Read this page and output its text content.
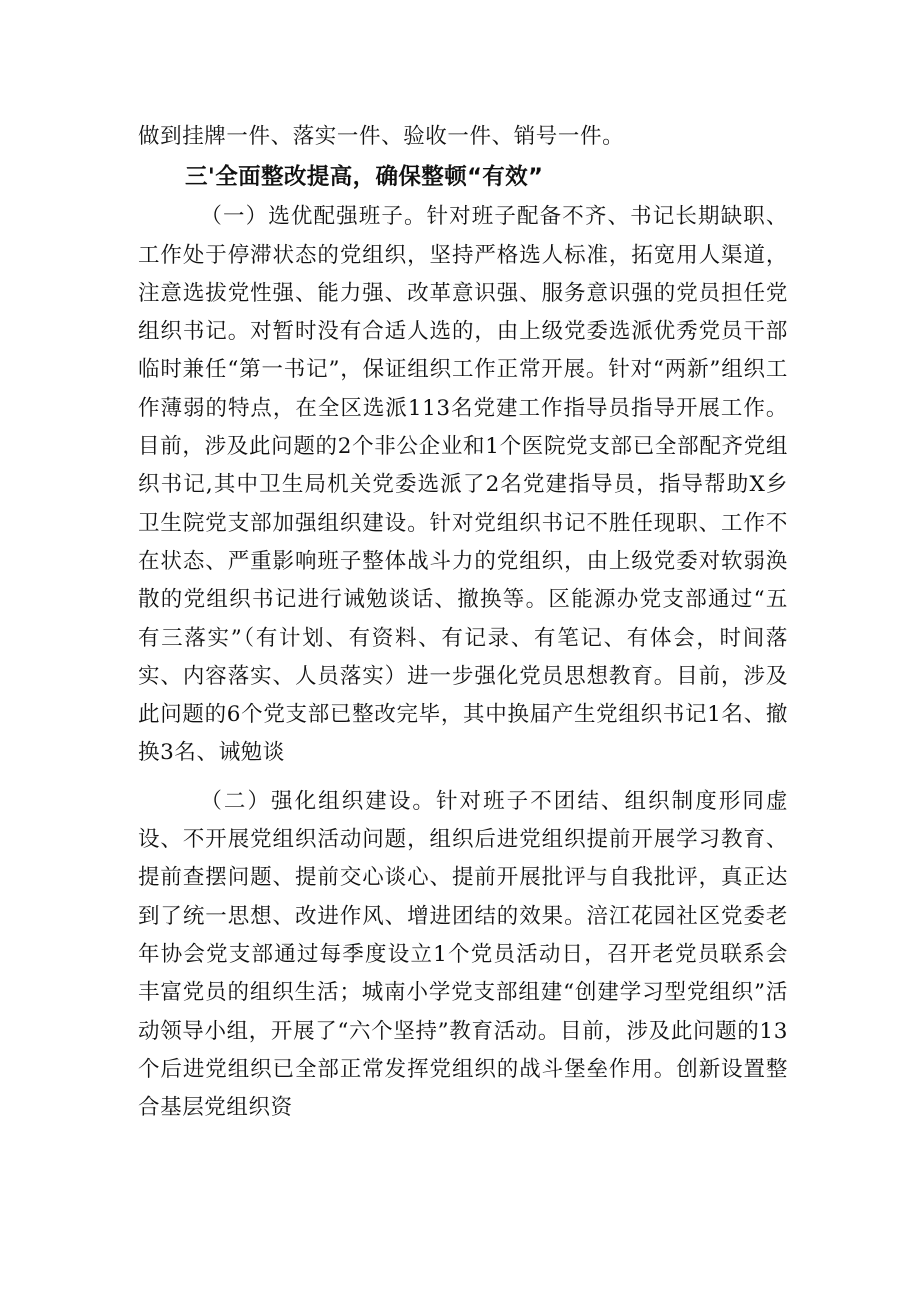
做到挂牌一件、落实一件、验收一件、销号一件。

三'全面整改提高，确保整顿“有效”

（一）选优配强班子。针对班子配备不齐、书记长期缺职、工作处于停滞状态的党组织，坚持严格选人标准，拓宽用人渠道，注意选拔党性强、能力强、改革意识强、服务意识强的党员担任党组织书记。对暂时没有合适人选的，由上级党委选派优秀党员干部临时兼任“第一书记”，保证组织工作正常开展。针对“两新”组织工作薄弱的特点，在全区选派113名党建工作指导员指导开展工作。目前，涉及此问题的2个非公企业和1个医院党支部已全部配齐党组织书记,其中卫生局机关党委选派了2名党建指导员，指导帮助X乡卫生院党支部加强组织建设。针对党组织书记不胜任现职、工作不在状态、严重影响班子整体战斗力的党组织，由上级党委对软弱涣散的党组织书记进行诫勉谈话、撤换等。区能源办党支部通过“五有三落实”（有计划、有资料、有记录、有笔记、有体会，时间落实、内容落实、人员落实）进一步强化党员思想教育。目前，涉及此问题的6个党支部已整改完毕，其中换届产生党组织书记1名、撤换3名、诫勉谈

（二）强化组织建设。针对班子不团结、组织制度形同虚设、不开展党组织活动问题，组织后进党组织提前开展学习教育、提前查摆问题、提前交心谈心、提前开展批评与自我批评，真正达到了统一思想、改进作风、增进团结的效果。涪江花园社区党委老年协会党支部通过每季度设立1个党员活动日，召开老党员联系会丰富党员的组织生活；城南小学党支部组建“创建学习型党组织”活动领导小组，开展了“六个坚持”教育活动。目前，涉及此问题的13个后进党组织已全部正常发挥党组织的战斗堡垒作用。创新设置整合基层党组织资
